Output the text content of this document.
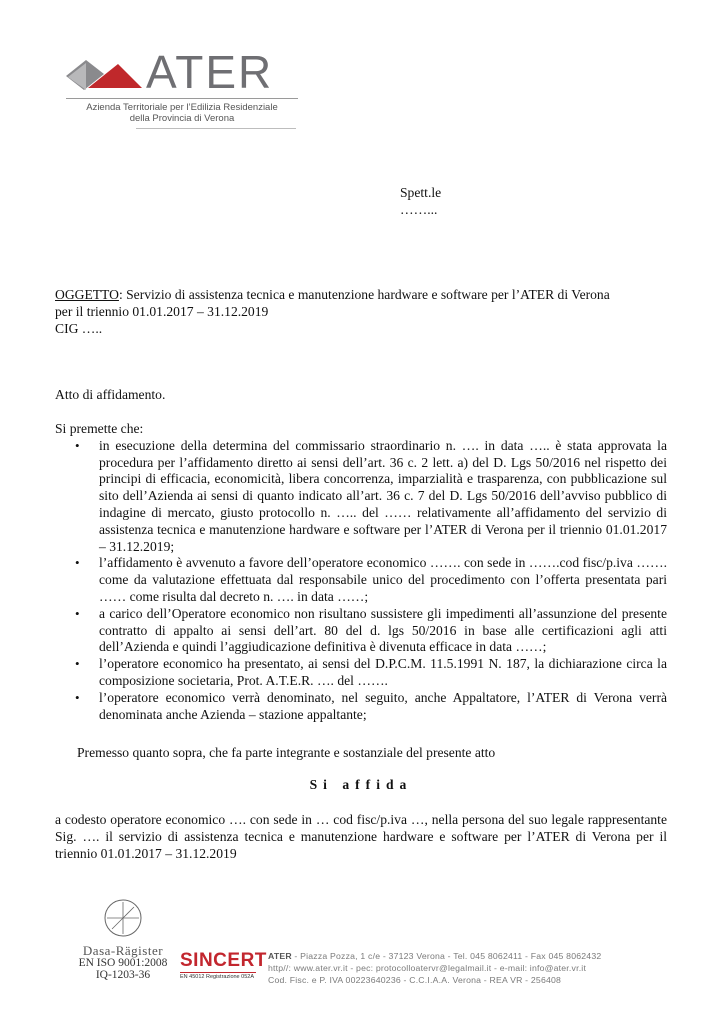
ATER
Azienda Territoriale per l’Edilizia Residenziale
della Provincia di Verona
Spett.le
……...
OGGETTO: Servizio di assistenza tecnica e manutenzione hardware e software per l’ATER di Verona
per il triennio 01.01.2017 – 31.12.2019
CIG …..
Atto di affidamento.
Si premette che:
• in esecuzione della determina del commissario straordinario n. …. in data ….. è stata approvata la procedura per l’affidamento diretto ai sensi dell’art. 36 c. 2 lett. a) del D. Lgs 50/2016 nel rispetto dei principi di efficacia, economicità, libera concorrenza, imparzialità e trasparenza, con pubblicazione sul sito dell’Azienda ai sensi di quanto indicato all’art. 36 c. 7 del D. Lgs 50/2016 dell’avviso pubblico di indagine di mercato, giusto protocollo n. ….. del …… relativamente all’affidamento del servizio di assistenza tecnica e manutenzione hardware e software per l’ATER di Verona per il triennio 01.01.2017 – 31.12.2019;
• l’affidamento è avvenuto a favore dell’operatore economico ……. con sede in …….cod fisc/p.iva ……. come da valutazione effettuata dal responsabile unico del procedimento con l’offerta presentata pari …… come risulta dal decreto n. …. in data ……;
• a carico dell’Operatore economico non risultano sussistere gli impedimenti all’assunzione del presente contratto di appalto ai sensi dell’art. 80 del d. lgs 50/2016 in base alle certificazioni agli atti dell’Azienda e quindi l’aggiudicazione definitiva è divenuta efficace in data ……;
• l’operatore economico ha presentato, ai sensi del D.P.C.M. 11.5.1991 N. 187, la dichiarazione circa la composizione societaria, Prot. A.T.E.R. …. del …….
• l’operatore economico verrà denominato, nel seguito, anche Appaltatore, l’ATER di Verona verrà denominata anche Azienda – stazione appaltante;
Premesso quanto sopra, che fa parte integrante e sostanziale del presente atto
Si affida
a codesto operatore economico …. con sede in … cod fisc/p.iva …, nella persona del suo legale rappresentante Sig. …. il servizio di assistenza tecnica e manutenzione hardware e software per l’ATER di Verona per il triennio 01.01.2017 – 31.12.2019
Dasa-Rägister
EN ISO 9001:2008
IQ-1203-36
SINCERT
EN 45012 Registrazione 052A
ATER - Piazza Pozza, 1 c/e - 37123 Verona - Tel. 045 8062411 - Fax 045 8062432
http//: www.ater.vr.it - pec: protocolloatervr@legalmail.it - e-mail: info@ater.vr.it
Cod. Fisc. e P. IVA 00223640236 - C.C.I.A.A. Verona - REA VR - 256408
